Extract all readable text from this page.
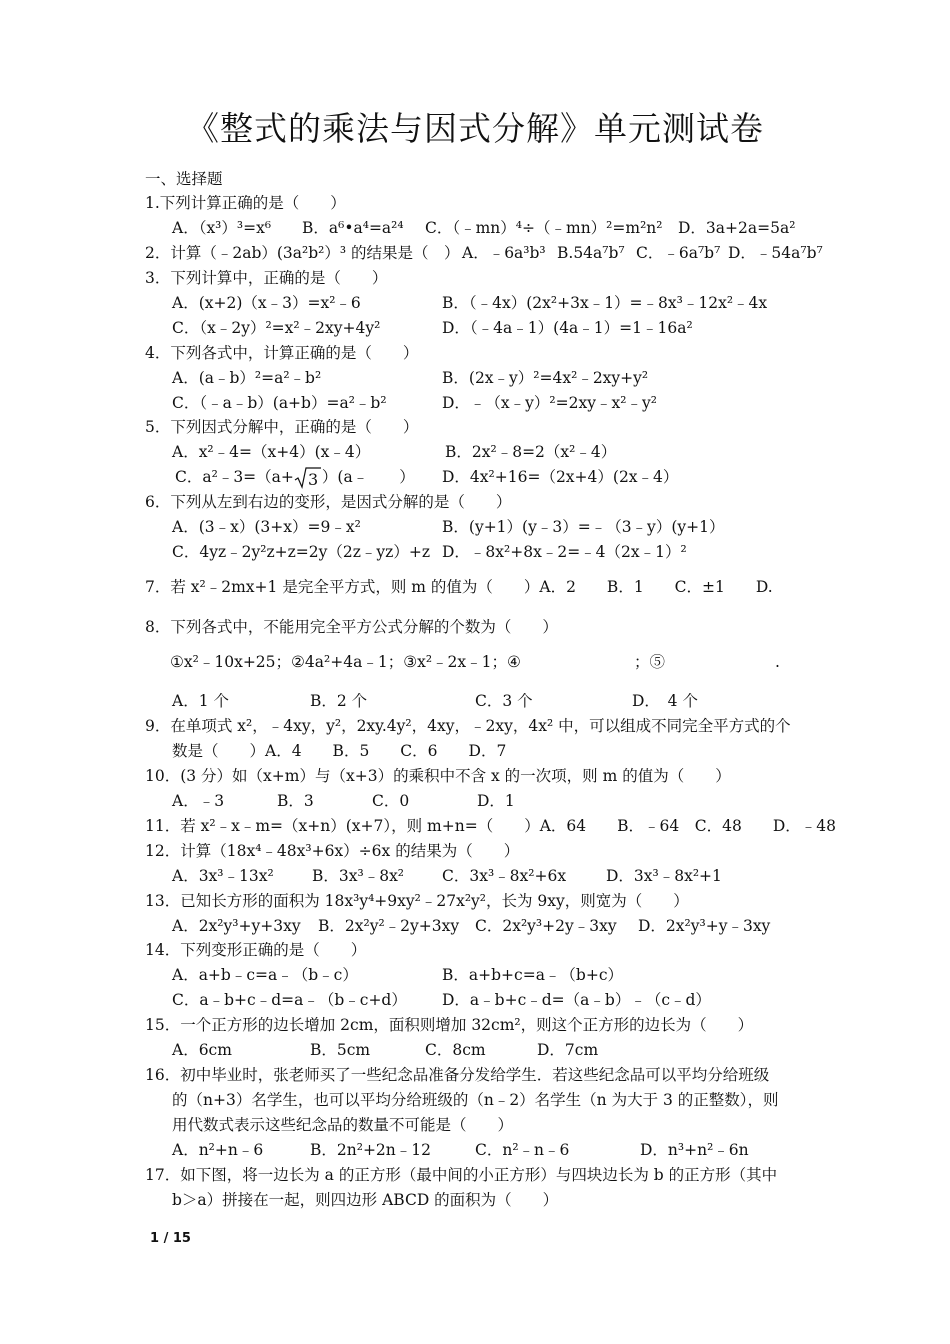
《整式的乘法与因式分解》单元测试卷
一、选择题
1.下列计算正确的是（　　）
A．（x³）³=x⁶ B．a⁶•a⁴=a²⁴ C．（﹣mn）⁴÷（﹣mn）²=m²n² D．3a+2a=5a²
2．计算（﹣2ab）(3a²b²）³ 的结果是（　） A．﹣6a³b³ B.54a⁷b⁷ C．﹣6a⁷b⁷ D．﹣54a⁷b⁷
3．下列计算中，正确的是（　　）
A．(x+2)（x﹣3）=x²﹣6	B．（﹣4x）(2x²+3x﹣1）=﹣8x³﹣12x²﹣4x
C．（x﹣2y）²=x²﹣2xy+4y²	D．（﹣4a﹣1）(4a﹣1）=1﹣16a²
4．下列各式中，计算正确的是（　　）
A．(a﹣b）²=a²﹣b²	B．(2x﹣y）²=4x²﹣2xy+y²
C．（﹣a﹣b）(a+b）=a²﹣b²	D．﹣（x﹣y）²=2xy﹣x²﹣y²
5．下列因式分解中，正确的是（　　）
A．x²﹣4=（x+4）(x﹣4）	B．2x²﹣8=2（x²﹣4）
C．a²﹣3=（a+ 3 ）(a﹣　　） D．4x²+16=（2x+4）(2x﹣4）
6．下列从左到右边的变形，是因式分解的是（　　）
A．(3﹣x）(3+x）=9﹣x²	B．(y+1）(y﹣3）=﹣（3﹣y）(y+1）
C．4yz﹣2y²z+z=2y（2z﹣yz）+z D．﹣8x²+8x﹣2=﹣4（2x﹣1）²
7．若 x²﹣2mx+1 是完全平方式，则 m 的值为（　　）A．2　　B．1　　C．±1　　D.
8．下列各式中，不能用完全平方公式分解的个数为（　　）
①x²﹣10x+25；②4a²+4a﹣1；③x²﹣2x﹣1；④	；⑤	.
A．1 个	B．2 个	C．3 个	D．　4 个
9．在单项式 x²，﹣4xy，y²，2xy.4y²，4xy，﹣2xy，4x² 中，可以组成不同完全平方式的个
数是（　　）A．4　　B．5　　C．6　　D．7
10．(3 分）如（x+m）与（x+3）的乘积中不含 x 的一次项，则 m 的值为（　　）
A．﹣3	B．3	C．0	D．1
11．若 x²﹣x﹣m=（x+n）(x+7），则 m+n=（　　）A．64　　B．﹣64　C．48　　D．﹣48
12．计算（18x⁴﹣48x³+6x）÷6x 的结果为（　　）
A．3x³﹣13x² B．3x³﹣8x² C．3x³﹣8x²+6x	D．3x³﹣8x²+1
13．已知长方形的面积为 18x³y⁴+9xy²﹣27x²y²，长为 9xy，则宽为（　　）
A．2x²y³+y+3xy B．2x²y²﹣2y+3xy C．2x²y³+2y﹣3xy D．2x²y³+y﹣3xy
14．下列变形正确的是（　　）
A．a+b﹣c=a﹣（b﹣c）	B．a+b+c=a﹣（b+c）
C．a﹣b+c﹣d=a﹣（b﹣c+d） D．a﹣b+c﹣d=（a﹣b）﹣（c﹣d）
15．一个正方形的边长增加 2cm，面积则增加 32cm²，则这个正方形的边长为（　　）
A．6cm	B．5cm	C．8cm	D．7cm
16．初中毕业时，张老师买了一些纪念品准备分发给学生．若这些纪念品可以平均分给班级
的（n+3）名学生，也可以平均分给班级的（n﹣2）名学生（n 为大于 3 的正整数），则
用代数式表示这些纪念品的数量不可能是（　　）
A．n²+n﹣6	B．2n²+2n﹣12	C．n²﹣n﹣6	D．n³+n²﹣6n
17．如下图，将一边长为 a 的正方形（最中间的小正方形）与四块边长为 b 的正方形（其中
b＞a）拼接在一起，则四边形 ABCD 的面积为（　　）
1 / 15
